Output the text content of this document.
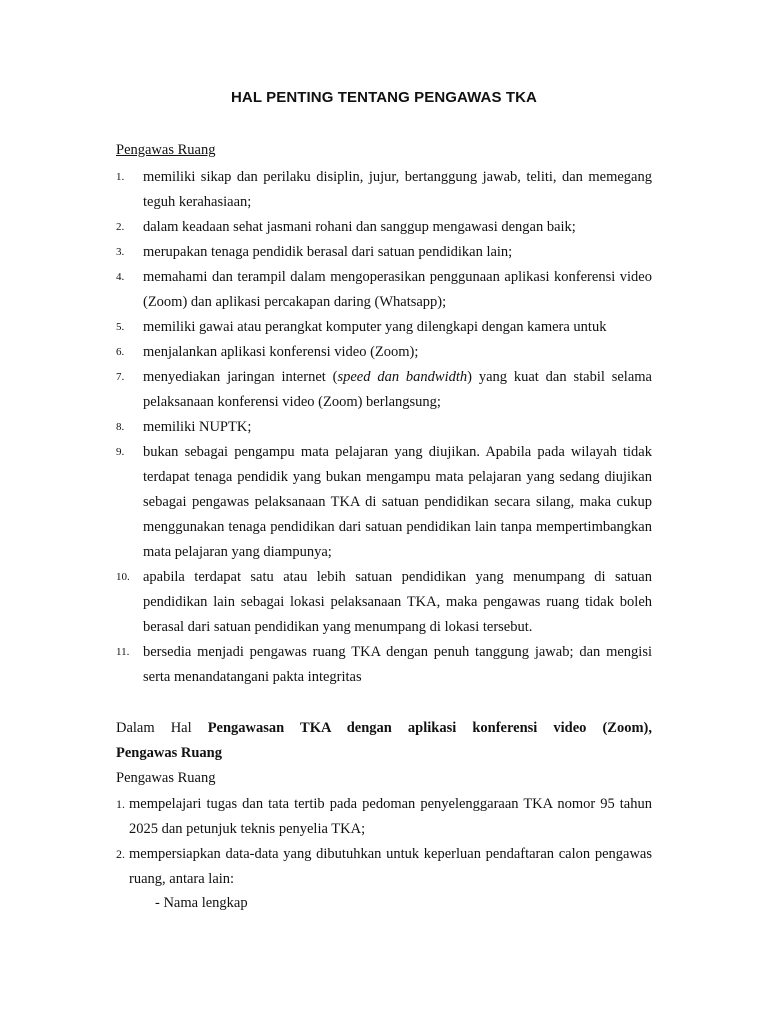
HAL PENTING TENTANG PENGAWAS TKA
Pengawas Ruang
1. memiliki sikap dan perilaku disiplin, jujur, bertanggung jawab, teliti, dan memegang teguh kerahasiaan;
2. dalam keadaan sehat jasmani rohani dan sanggup mengawasi dengan baik;
3. merupakan tenaga pendidik berasal dari satuan pendidikan lain;
4. memahami dan terampil dalam mengoperasikan penggunaan aplikasi konferensi video (Zoom) dan aplikasi percakapan daring (Whatsapp);
5. memiliki gawai atau perangkat komputer yang dilengkapi dengan kamera untuk
6. menjalankan aplikasi konferensi video (Zoom);
7. menyediakan jaringan internet (speed dan bandwidth) yang kuat dan stabil selama pelaksanaan konferensi video (Zoom) berlangsung;
8. memiliki NUPTK;
9. bukan sebagai pengampu mata pelajaran yang diujikan. Apabila pada wilayah tidak terdapat tenaga pendidik yang bukan mengampu mata pelajaran yang sedang diujikan sebagai pengawas pelaksanaan TKA di satuan pendidikan secara silang, maka cukup menggunakan tenaga pendidikan dari satuan pendidikan lain tanpa mempertimbangkan mata pelajaran yang diampunya;
10. apabila terdapat satu atau lebih satuan pendidikan yang menumpang di satuan pendidikan lain sebagai lokasi pelaksanaan TKA, maka pengawas ruang tidak boleh berasal dari satuan pendidikan yang menumpang di lokasi tersebut.
11. bersedia menjadi pengawas ruang TKA dengan penuh tanggung jawab; dan mengisi serta menandatangani pakta integritas
Dalam Hal Pengawasan TKA dengan aplikasi konferensi video (Zoom),
Pengawas Ruang
Pengawas Ruang
1. mempelajari tugas dan tata tertib pada pedoman penyelenggaraan TKA nomor 95 tahun 2025 dan petunjuk teknis penyelia TKA;
2. mempersiapkan data-data yang dibutuhkan untuk keperluan pendaftaran calon pengawas ruang, antara lain:
- Nama lengkap
